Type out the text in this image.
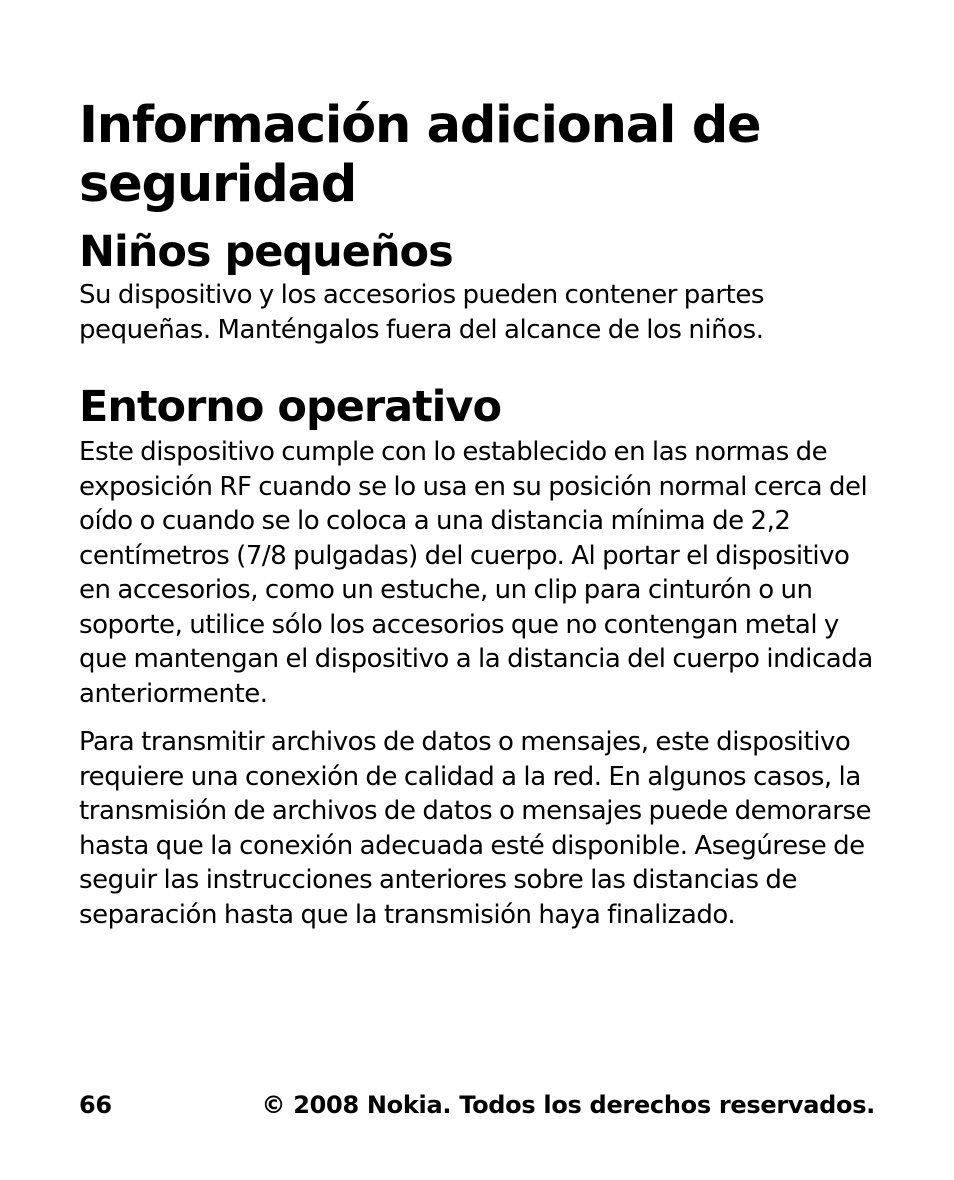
Información adicional de seguridad
Niños pequeños

Su dispositivo y los accesorios pueden contener partes pequeñas. Manténgalos fuera del alcance de los niños.

Entorno operativo

Este dispositivo cumple con lo establecido en las normas de exposición RF cuando se lo usa en su posición normal cerca del oído o cuando se lo coloca a una distancia mínima de 2,2 centímetros (7/8 pulgadas) del cuerpo. Al portar el dispositivo en accesorios, como un estuche, un clip para cinturón o un soporte, utilice sólo los accesorios que no contengan metal y que mantengan el dispositivo a la distancia del cuerpo indicada anteriormente.

Para transmitir archivos de datos o mensajes, este dispositivo requiere una conexión de calidad a la red. En algunos casos, la transmisión de archivos de datos o mensajes puede demorarse hasta que la conexión adecuada esté disponible. Asegúrese de seguir las instrucciones anteriores sobre las distancias de separación hasta que la transmisión haya finalizado.

66	© 2008 Nokia. Todos los derechos reservados.
